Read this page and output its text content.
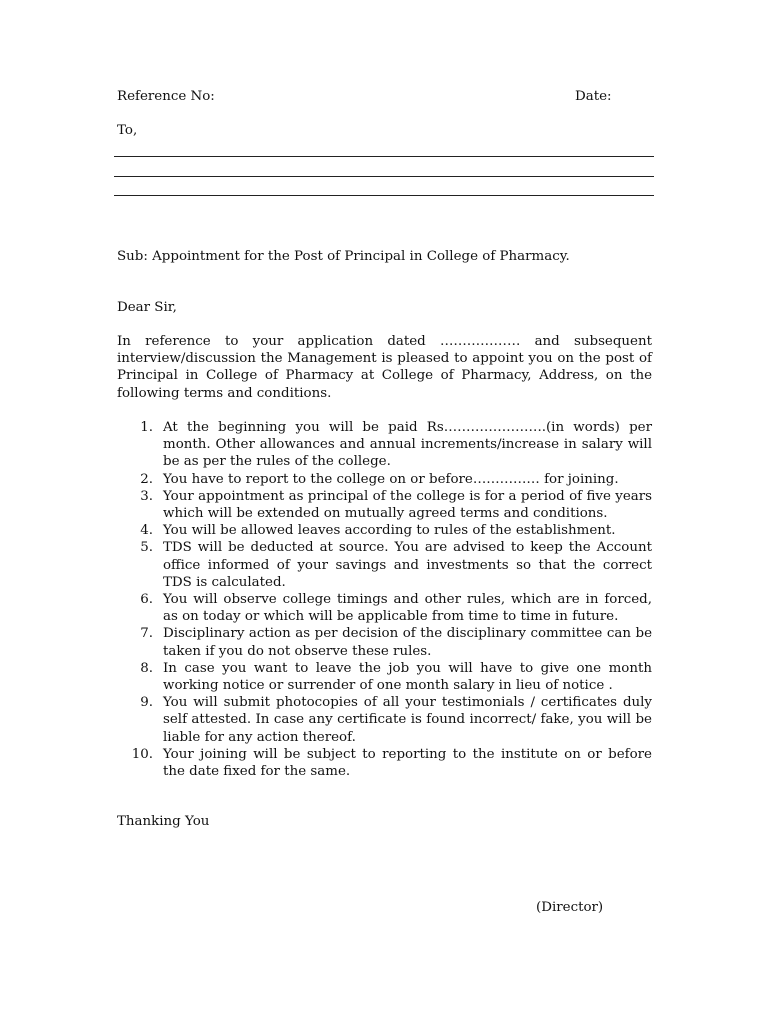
Reference No:	Date:
To,
Sub: Appointment for the Post of Principal in College of Pharmacy.
Dear Sir,
In reference to your application dated ……………… and subsequent interview/discussion the Management is pleased to appoint you on the post of Principal in College of Pharmacy at College of Pharmacy, Address, on the following terms and conditions.
1. At the beginning you will be paid Rs…………………..(in words) per month. Other allowances and annual increments/increase in salary will be as per the rules of the college.
2. You have to report to the college on or before…………… for joining.
3. Your appointment as principal of the college is for a period of five years which will be extended on mutually agreed terms and conditions.
4. You will be allowed leaves according to rules of the establishment.
5. TDS will be deducted at source. You are advised to keep the Account office informed of your savings and investments so that the correct TDS is calculated.
6. You will observe college timings and other rules, which are in forced, as on today or which will be applicable from time to time in future.
7. Disciplinary action as per decision of the disciplinary committee can be taken if you do not observe these rules.
8. In case you want to leave the job you will have to give one month working notice or surrender of one month salary in lieu of notice .
9. You will submit photocopies of all your testimonials / certificates duly self attested. In case any certificate is found incorrect/ fake, you will be liable for any action thereof.
10. Your joining will be subject to reporting to the institute on or before the date fixed for the same.
Thanking You
(Director)
